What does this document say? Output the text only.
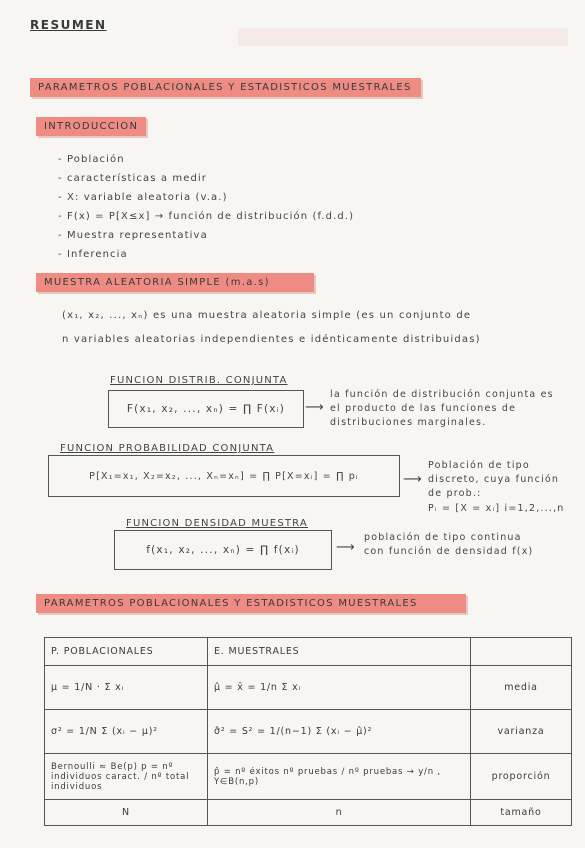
RESUMEN
PARAMETROS POBLACIONALES Y ESTADISTICOS MUESTRALES
INTRODUCCION
- Población
- características a medir
- X: variable aleatoria (v.a.)
- F(x) = P[X≤x] → función de distribución (f.d.d.)
- Muestra representativa
- Inferencia
MUESTRA ALEATORIA SIMPLE (m.a.s)
(x₁, x₂, ..., xₙ) es una muestra aleatoria simple (es un conjunto de
n variables aleatorias independientes e idénticamente distribuidas)
FUNCION DISTRIB. CONJUNTA
F(x₁, x₂, ..., xₙ) = ∏ F(xᵢ) ⟶
la función de distribución conjunta es el producto de las funciones de distribuciones marginales.
FUNCION PROBABILIDAD CONJUNTA
P[X₁=x₁, X₂=x₂, ..., Xₙ=xₙ] = ∏ P[X=xᵢ] = ∏ pᵢ	⟶
Población de tipo
discreto, cuya función
de prob.:
Pᵢ = [X = xᵢ] i=1,2,...,n
FUNCION DENSIDAD MUESTRA
f(x₁, x₂, ..., xₙ) = ∏ f(xᵢ)	⟶
población de tipo continua
con función de densidad f(x)
PARAMETROS POBLACIONALES Y ESTADISTICOS MUESTRALES
P. POBLACIONALES	E. MUESTRALES	
μ = 1/N · Σ xᵢ	μ̂ = x̄ = 1/n Σ xᵢ	media
σ² = 1/N Σ (xᵢ − μ)²	σ̂² = S² = 1/(n−1) Σ (xᵢ − μ̂)²	varianza
Bernoulli ≈ Be(p) p = nº individuos caract. / nº total individuos	p̂ = nº éxitos nº pruebas / nº pruebas → y/n , Y∈B(n,p)	proporción
N	n	tamaño
